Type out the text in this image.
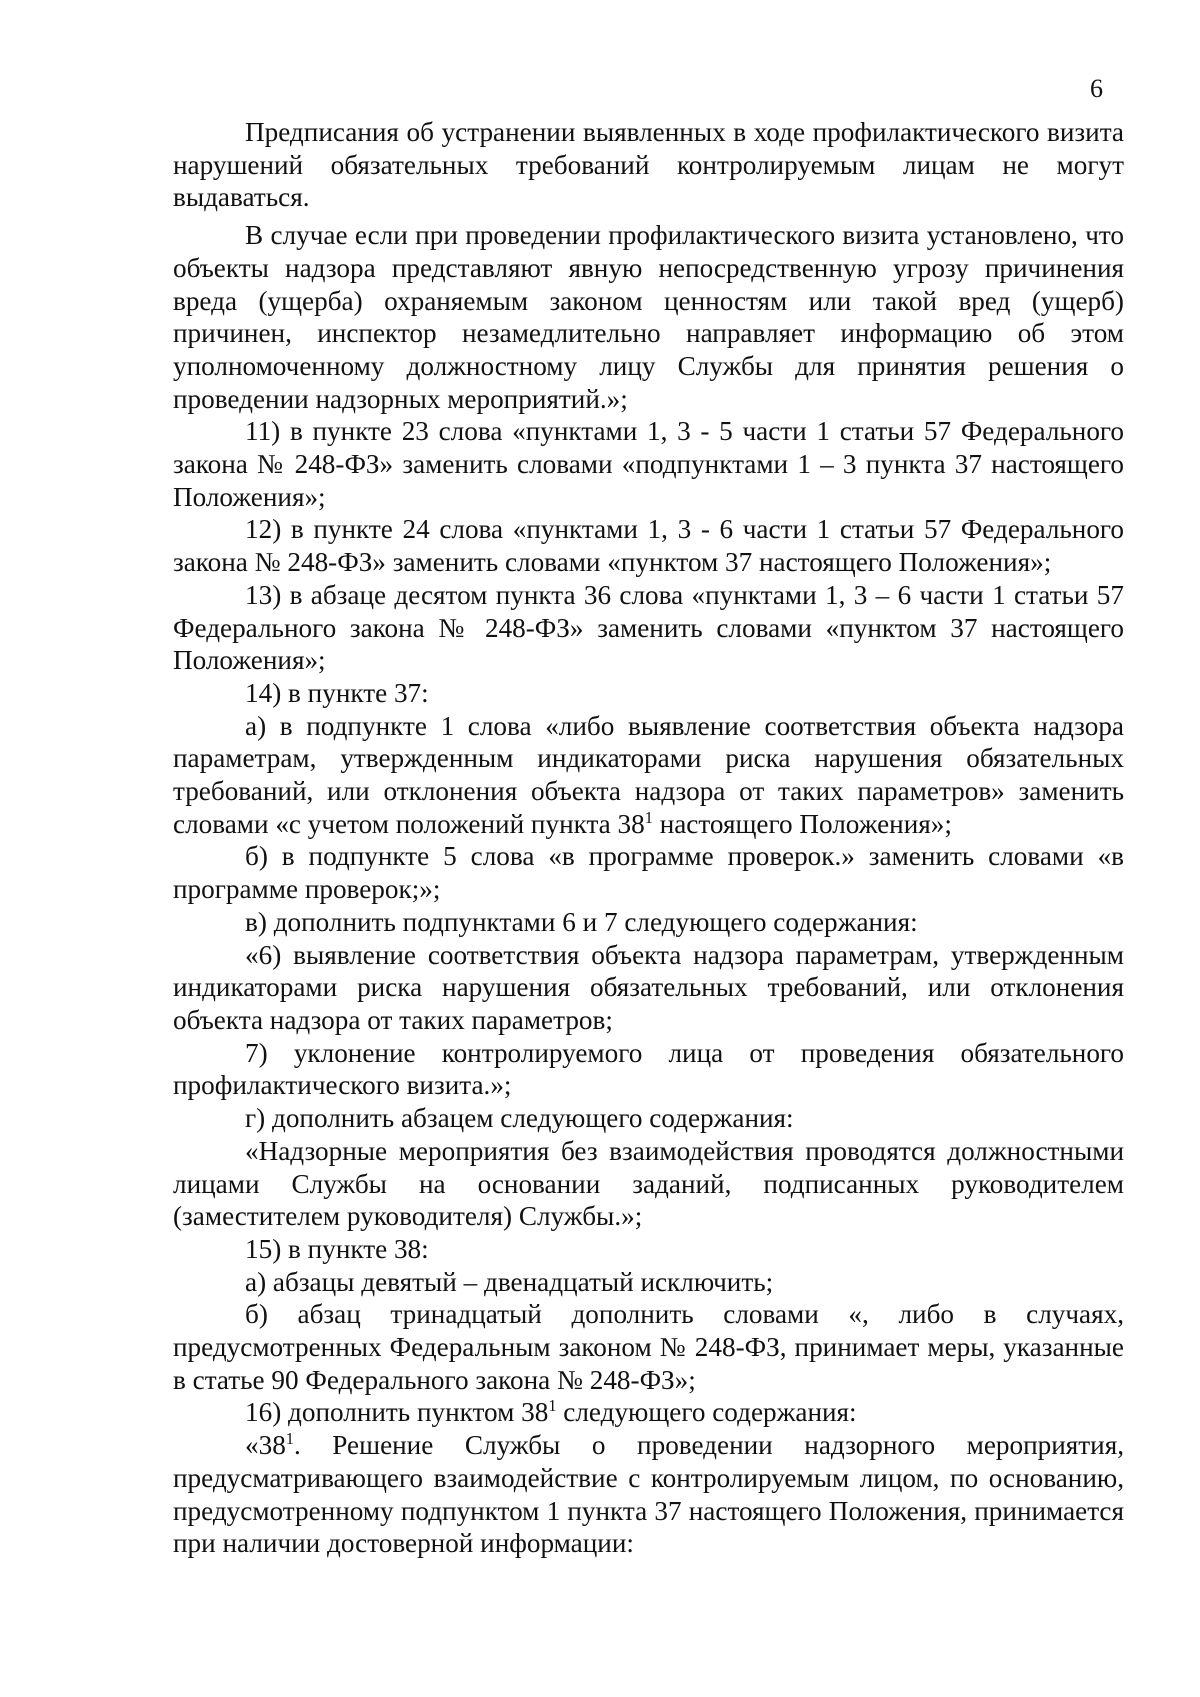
6

Предписания об устранении выявленных в ходе профилактического визита нарушений обязательных требований контролируемым лицам не могут выдаваться.

В случае если при проведении профилактического визита установлено, что объекты надзора представляют явную непосредственную угрозу причинения вреда (ущерба) охраняемым законом ценностям или такой вред (ущерб) причинен, инспектор незамедлительно направляет информацию об этом уполномоченному должностному лицу Службы для принятия решения о проведении надзорных мероприятий.»;

11) в пункте 23 слова «пунктами 1, 3 - 5 части 1 статьи 57 Федерального закона № 248-ФЗ» заменить словами «подпунктами 1 – 3 пункта 37 настоящего Положения»;

12) в пункте 24 слова «пунктами 1, 3 - 6 части 1 статьи 57 Федерального закона № 248-ФЗ» заменить словами «пунктом 37 настоящего Положения»;

13) в абзаце десятом пункта 36 слова «пунктами 1, 3 – 6 части 1 статьи 57 Федерального закона № 248-ФЗ» заменить словами «пунктом 37 настоящего Положения»;

14) в пункте 37:

а) в подпункте 1 слова «либо выявление соответствия объекта надзора параметрам, утвержденным индикаторами риска нарушения обязательных требований, или отклонения объекта надзора от таких параметров» заменить словами «с учетом положений пункта $38^1$ настоящего Положения»;

б) в подпункте 5 слова «в программе проверок.» заменить словами «в программе проверок;»;

в) дополнить подпунктами 6 и 7 следующего содержания:

«6) выявление соответствия объекта надзора параметрам, утвержденным индикаторами риска нарушения обязательных требований, или отклонения объекта надзора от таких параметров;

7) уклонение контролируемого лица от проведения обязательного профилактического визита.»;

г) дополнить абзацем следующего содержания:

«Надзорные мероприятия без взаимодействия проводятся должностными лицами Службы на основании заданий, подписанных руководителем (заместителем руководителя) Службы.»;

15) в пункте 38:

а) абзацы девятый – двенадцатый исключить;

б) абзац тринадцатый дополнить словами «, либо в случаях, предусмотренных Федеральным законом № 248-ФЗ, принимает меры, указанные в статье 90 Федерального закона № 248-ФЗ»;

16) дополнить пунктом $38^1$ следующего содержания:

«$38^1$. Решение Службы о проведении надзорного мероприятия, предусматривающего взаимодействие с контролируемым лицом, по основанию, предусмотренному подпунктом 1 пункта 37 настоящего Положения, принимается при наличии достоверной информации:
